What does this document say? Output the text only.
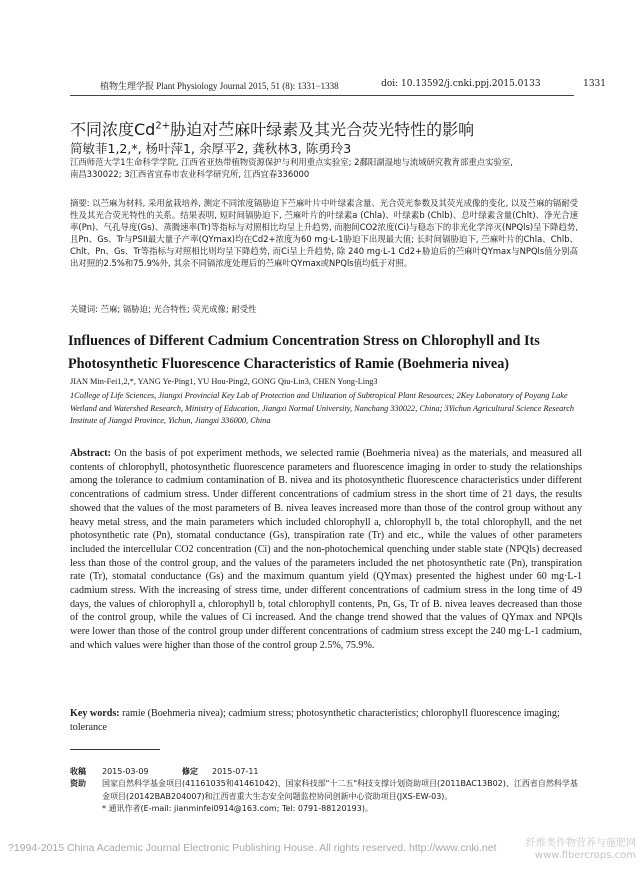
植物生理学报 Plant Physiology Journal 2015, 51 (8): 1331−1338	doi: 10.13592/j.cnki.ppj.2015.0133	1331
不同浓度$Cd^{2+}$胁迫对苎麻叶绿素及其光合荧光特性的影响
简敏菲1,2,*, 杨叶萍1, 余厚平2, 龚秋林3, 陈勇玲3
江西师范大学1生命科学学院, 江西省亚热带植物资源保护与利用重点实验室; 2鄱阳湖湿地与流域研究教育部重点实验室,
南昌330022; 3江西省宜春市农业科学研究所, 江西宜春336000
摘要: 以苎麻为材料, 采用盆栽培养, 测定不同浓度镉胁迫下苎麻叶片中叶绿素含量、光合荧光参数及其荧光成像的变化, 以及苎麻的镉耐受性及其光合荧光特性的关系。结果表明, 短时间镉胁迫下, 苎麻叶片的叶绿素a (Chla)、叶绿素b (Chlb)、总叶绿素含量(Chlt)、净光合速率(Pn)、气孔导度(Gs)、蒸腾速率(Tr)等指标与对照相比均呈上升趋势, 而胞间CO2浓度(Ci)与稳态下的非光化学淬灭(NPQls)呈下降趋势, 且Pn、Gs、Tr与PSII最大量子产率(QYmax)均在Cd2+浓度为60 mg·L-1胁迫下出现最大值; 长时间镉胁迫下, 苎麻叶片的Chla、Chlb、Chlt、Pn、Gs、Tr等指标与对照相比则均呈下降趋势, 而Ci呈上升趋势, 除 240 mg·L-1 Cd2+胁迫后的苎麻叶QYmax与NPQls值分别高出对照的2.5%和75.9%外, 其余不同镉浓度处理后的苎麻叶QYmax或NPQls值均低于对照。
关键词: 苎麻; 镉胁迫; 光合特性; 荧光成像; 耐受性
Influences of Different Cadmium Concentration Stress on Chlorophyll and Its
Photosynthetic Fluorescence Characteristics of Ramie (Boehmeria nivea)
JIAN Min-Fei1,2,*, YANG Ye-Ping1, YU Hou-Ping2, GONG Qiu-Lin3, CHEN Yong-Ling3
1College of Life Sciences, Jiangxi Provincial Key Lab of Protection and Utilization of Subtropical Plant Resources; 2Key Laboratory of Poyang Lake Wetland and Watershed Research, Ministry of Education, Jiangxi Normal University, Nanchang 330022, China; 3Yichun Agricultural Science Research Institute of Jiangxi Province, Yichun, Jiangxi 336000, China
Abstract: On the basis of pot experiment methods, we selected ramie (Boehmeria nivea) as the materials, and measured all contents of chlorophyll, photosynthetic fluorescence parameters and fluorescence imaging in order to study the relationships among the tolerance to cadmium contamination of B. nivea and its photosynthetic fluorescence characteristics under different concentrations of cadmium stress. Under different concentrations of cadmium stress in the short time of 21 days, the results showed that the values of the most parameters of B. nivea leaves increased more than those of the control group without any heavy metal stress, and the main parameters which included chlorophyll a, chlorophyll b, the total chlorophyll, and the net photosynthetic rate (Pn), stomatal conductance (Gs), transpiration rate (Tr) and etc., while the values of other parameters included the intercellular CO2 concentration (Ci) and the non-photochemical quenching under stable state (NPQls) decreased less than those of the control group, and the values of the parameters included the net photosynthetic rate (Pn), transpiration rate (Tr), stomatal conductance (Gs) and the maximum quantum yield (QYmax) presented the highest under 60 mg·L-1 cadmium stress. With the increasing of stress time, under different concentrations of cadmium stress in the long time of 49 days, the values of chlorophyll a, chlorophyll b, total chlorophyll contents, Pn, Gs, Tr of B. nivea leaves decreased than those of the control group, while the values of Ci increased. And the change trend showed that the values of QYmax and NPQls were lower than those of the control group under different concentrations of cadmium stress except the 240 mg·L-1 cadmium, and which values were higher than those of the control group 2.5%, 75.9%.
Key words: ramie (Boehmeria nivea); cadmium stress; photosynthetic characteristics; chlorophyll fluorescence imaging; tolerance
收稿	2015-03-09	修定	2015-07-11
资助	国家自然科学基金项目(41161035和41461042)、国家科技部"十二五"科技支撑计划资助项目(2011BAC13B02)、江西省自然科学基金项目(20142BAB204007)和江西省重大生态安全问题监控协同创新中心资助项目(JXS-EW-03)。
* 通讯作者(E-mail: jianminfei0914@163.com; Tel: 0791-88120193)。
?1994-2015 China Academic Journal Electronic Publishing House. All rights reserved. http://www.cnki.net	纤维类作物营养与施肥网
www.fibercrops.com
